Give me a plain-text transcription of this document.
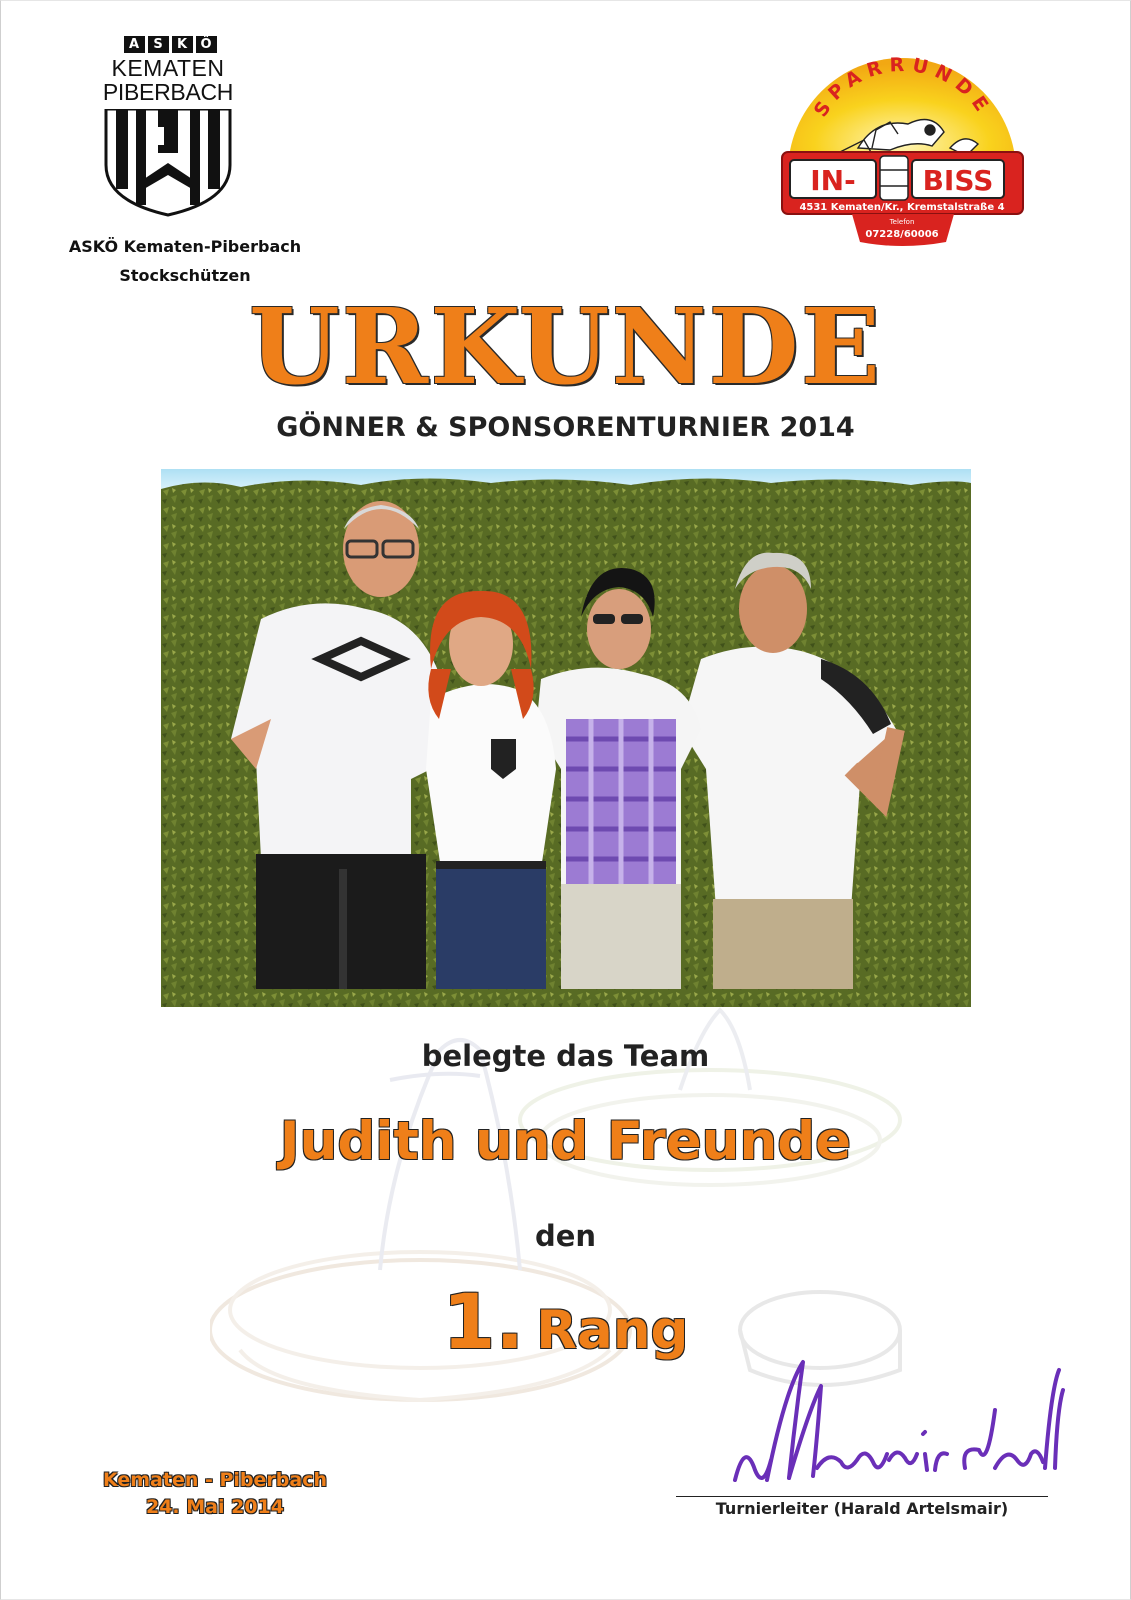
A	S	K	Ö
KEMATEN
PIBERBACH
ASKÖ Kematen-Piberbach
Stockschützen
SPARRUNDE
IN- BISS
4531 Kematen/Kr., Kremstalstraße 4
Telefon
07228/60006
URKUNDE
GÖNNER & SPONSORENTURNIER 2014
belegte das Team
Judith und Freunde
den
1. Rang
Kematen - Piberbach
24. Mai 2014	Turnierleiter (Harald Artelsmair)
